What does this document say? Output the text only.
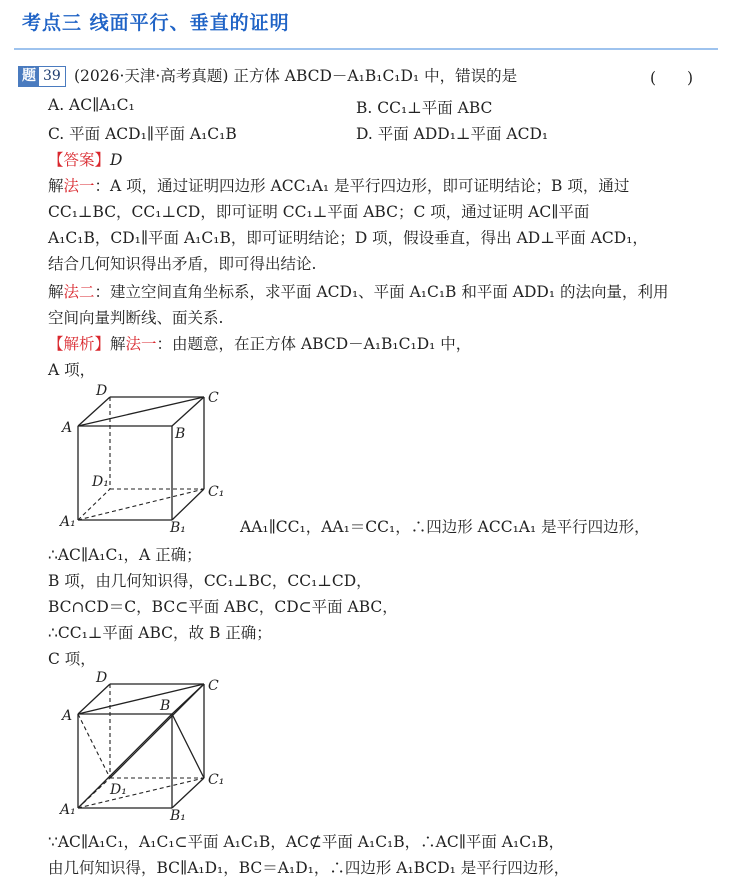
考点三 线面平行、垂直的证明
题 39 (2026·天津·高考真题) 正方体 ABCD－A₁B₁C₁D₁ 中，错误的是	(　　)
A. AC∥A₁C₁	B. CC₁⊥平面 ABC
C. 平面 ACD₁∥平面 A₁C₁B	D. 平面 ADD₁⊥平面 ACD₁
【答案】D
解法一：A 项，通过证明四边形 ACC₁A₁ 是平行四边形，即可证明结论；B 项，通过
CC₁⊥BC，CC₁⊥CD，即可证明 CC₁⊥平面 ABC；C 项，通过证明 AC∥平面
A₁C₁B，CD₁∥平面 A₁C₁B，即可证明结论；D 项，假设垂直，得出 AD⊥平面 ACD₁，
结合几何知识得出矛盾，即可得出结论.
解法二：建立空间直角坐标系，求平面 ACD₁、平面 A₁C₁B 和平面 ADD₁ 的法向量，利用
空间向量判断线、面关系.
【解析】解法一：由题意，在正方体 ABCD－A₁B₁C₁D₁ 中，
A 项，
D	C
A	B
D₁
C₁
A₁	B₁	AA₁∥CC₁，AA₁＝CC₁，∴四边形 ACC₁A₁ 是平行四边形，
∴AC∥A₁C₁，A 正确；
B 项，由几何知识得，CC₁⊥BC，CC₁⊥CD，
BC∩CD＝C，BC⊂平面 ABC，CD⊂平面 ABC，
∴CC₁⊥平面 ABC，故 B 正确；
C 项，
D	C
A
B
D₁
C₁
A₁	B₁
∵AC∥A₁C₁，A₁C₁⊂平面 A₁C₁B，AC⊄平面 A₁C₁B，∴AC∥平面 A₁C₁B，
由几何知识得，BC∥A₁D₁，BC＝A₁D₁，∴四边形 A₁BCD₁ 是平行四边形，
